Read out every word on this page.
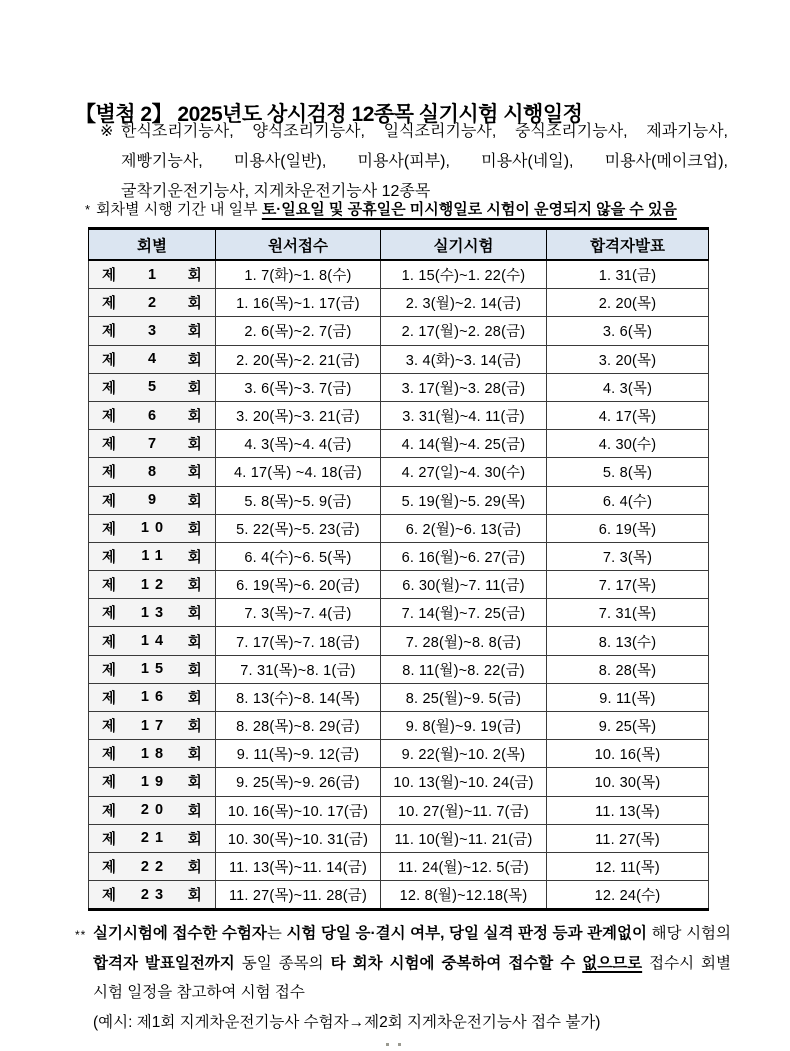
【별첨 2】 2025년도 상시검정 12종목 실기시험 시행일정
※ 한식조리기능사, 양식조리기능사, 일식조리기능사, 중식조리기능사, 제과기능사, 제빵기능사, 미용사(일반), 미용사(피부), 미용사(네일), 미용사(메이크업), 굴착기운전기능사, 지게차운전기능사 12종목
* 회차별 시행 기간 내 일부 토·일요일 및 공휴일은 미시행일로 시험이 운영되지 않을 수 있음
회별	원서접수	실기시험	합격자발표

제 1 회	1. 7(화)~1. 8(수)	1. 15(수)~1. 22(수)	1. 31(금)

제 2 회	1. 16(목)~1. 17(금)	2. 3(월)~2. 14(금)	2. 20(목)

제 3 회	2. 6(목)~2. 7(금)	2. 17(월)~2. 28(금)	3. 6(목)

제 4 회	2. 20(목)~2. 21(금)	3. 4(화)~3. 14(금)	3. 20(목)

제 5 회	3. 6(목)~3. 7(금)	3. 17(월)~3. 28(금)	4. 3(목)

제 6 회	3. 20(목)~3. 21(금)	3. 31(월)~4. 11(금)	4. 17(목)

제 7 회	4. 3(목)~4. 4(금)	4. 14(월)~4. 25(금)	4. 30(수)

제 8 회	4. 17(목) ~4. 18(금)	4. 27(일)~4. 30(수)	5. 8(목)

제 9 회	5. 8(목)~5. 9(금)	5. 19(월)~5. 29(목)	6. 4(수)

제 10 회	5. 22(목)~5. 23(금)	6. 2(월)~6. 13(금)	6. 19(목)

제 11 회	6. 4(수)~6. 5(목)	6. 16(월)~6. 27(금)	7. 3(목)

제 12 회	6. 19(목)~6. 20(금)	6. 30(월)~7. 11(금)	7. 17(목)

제 13 회	7. 3(목)~7. 4(금)	7. 14(월)~7. 25(금)	7. 31(목)

제 14 회	7. 17(목)~7. 18(금)	7. 28(월)~8. 8(금)	8. 13(수)

제 15 회	7. 31(목)~8. 1(금)	8. 11(월)~8. 22(금)	8. 28(목)

제 16 회	8. 13(수)~8. 14(목)	8. 25(월)~9. 5(금)	9. 11(목)

제 17 회	8. 28(목)~8. 29(금)	9. 8(월)~9. 19(금)	9. 25(목)

제 18 회	9. 11(목)~9. 12(금)	9. 22(월)~10. 2(목)	10. 16(목)

제 19 회	9. 25(목)~9. 26(금)	10. 13(월)~10. 24(금)	10. 30(목)

제 20 회	10. 16(목)~10. 17(금)	10. 27(월)~11. 7(금)	11. 13(목)

제 21 회	10. 30(목)~10. 31(금)	11. 10(월)~11. 21(금)	11. 27(목)

제 22 회	11. 13(목)~11. 14(금)	11. 24(월)~12. 5(금)	12. 11(목)

제 23 회	11. 27(목)~11. 28(금)	12. 8(월)~12.18(목)	12. 24(수)
** 실기시험에 접수한 수험자는 시험 당일 응·결시 여부, 당일 실격 판정 등과 관계없이 해당 시험의 합격자 발표일전까지 동일 종목의 타 회차 시험에 중복하여 접수할 수 없으므로 접수시 회별 시험 일정을 참고하여 시험 접수
(예시: 제1회 지게차운전기능사 수험자→제2회 지게차운전기능사 접수 불가)
